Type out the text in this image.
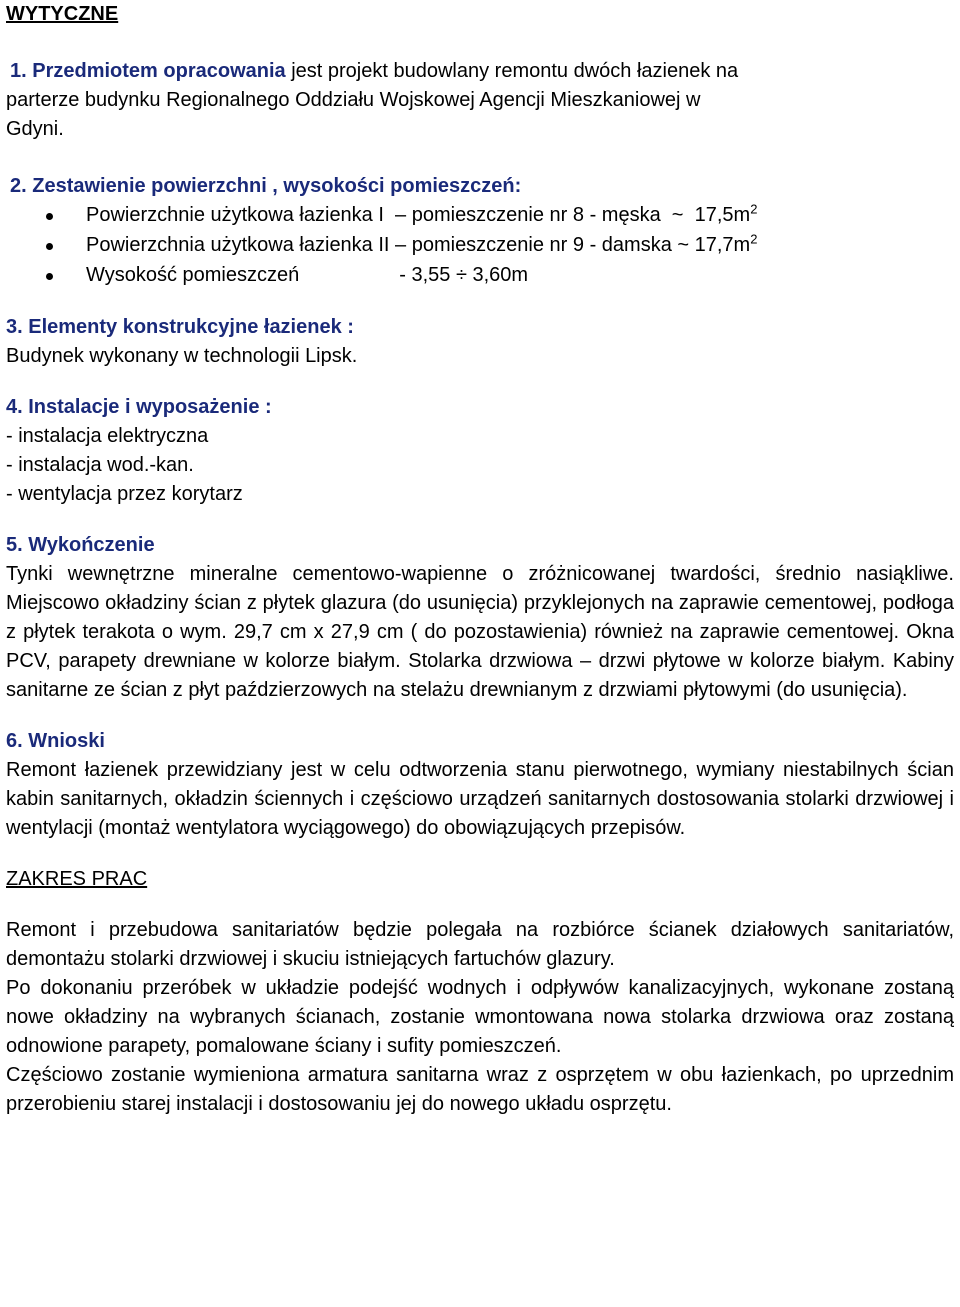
WYTYCZNE

1. Przedmiotem opracowania jest projekt budowlany remontu dwóch łazienek na

parterze budynku Regionalnego Oddziału Wojskowej Agencji Mieszkaniowej w

Gdyni.

2. Zestawienie powierzchni , wysokości pomieszczeń:

Powierzchnie użytkowa łazienka I  – pomieszczenie nr 8 - męska  ~  $17,5m^2$
Powierzchnia użytkowa łazienka II – pomieszczenie nr 9 - damska ~ $17,7m^2$
Wysokość pomieszczeń                  - 3,55 ÷ 3,60m

3. Elementy konstrukcyjne łazienek :

Budynek wykonany w technologii Lipsk.

4. Instalacje i wyposażenie :

- instalacja elektryczna

- instalacja wod.-kan.

- wentylacja przez korytarz

5. Wykończenie

Tynki wewnętrzne mineralne cementowo-wapienne o zróżnicowanej twardości, średnio nasiąkliwe. Miejscowo okładziny ścian z płytek glazura (do usunięcia) przyklejonych na zaprawie cementowej, podłoga z płytek terakota o wym. 29,7 cm x 27,9 cm ( do pozostawienia) również na zaprawie cementowej. Okna PCV, parapety drewniane w kolorze białym. Stolarka drzwiowa – drzwi płytowe w kolorze białym. Kabiny sanitarne ze ścian z płyt paździerzowych na stelażu drewnianym z drzwiami płytowymi (do usunięcia).

6. Wnioski

Remont łazienek przewidziany jest w celu odtworzenia stanu pierwotnego, wymiany niestabilnych ścian kabin sanitarnych, okładzin ściennych i częściowo urządzeń sanitarnych dostosowania stolarki drzwiowej i wentylacji (montaż wentylatora wyciągowego) do obowiązujących przepisów.

ZAKRES PRAC

Remont i przebudowa sanitariatów będzie polegała na rozbiórce ścianek działowych sanitariatów, demontażu stolarki drzwiowej i skuciu istniejących fartuchów glazury.

Po dokonaniu przeróbek w układzie podejść wodnych i odpływów kanalizacyjnych, wykonane zostaną nowe okładziny na wybranych ścianach, zostanie wmontowana nowa stolarka drzwiowa oraz zostaną odnowione parapety, pomalowane ściany i sufity pomieszczeń.

Częściowo zostanie wymieniona armatura sanitarna wraz z osprzętem w obu łazienkach, po uprzednim przerobieniu starej instalacji i dostosowaniu jej do nowego układu osprzętu.
